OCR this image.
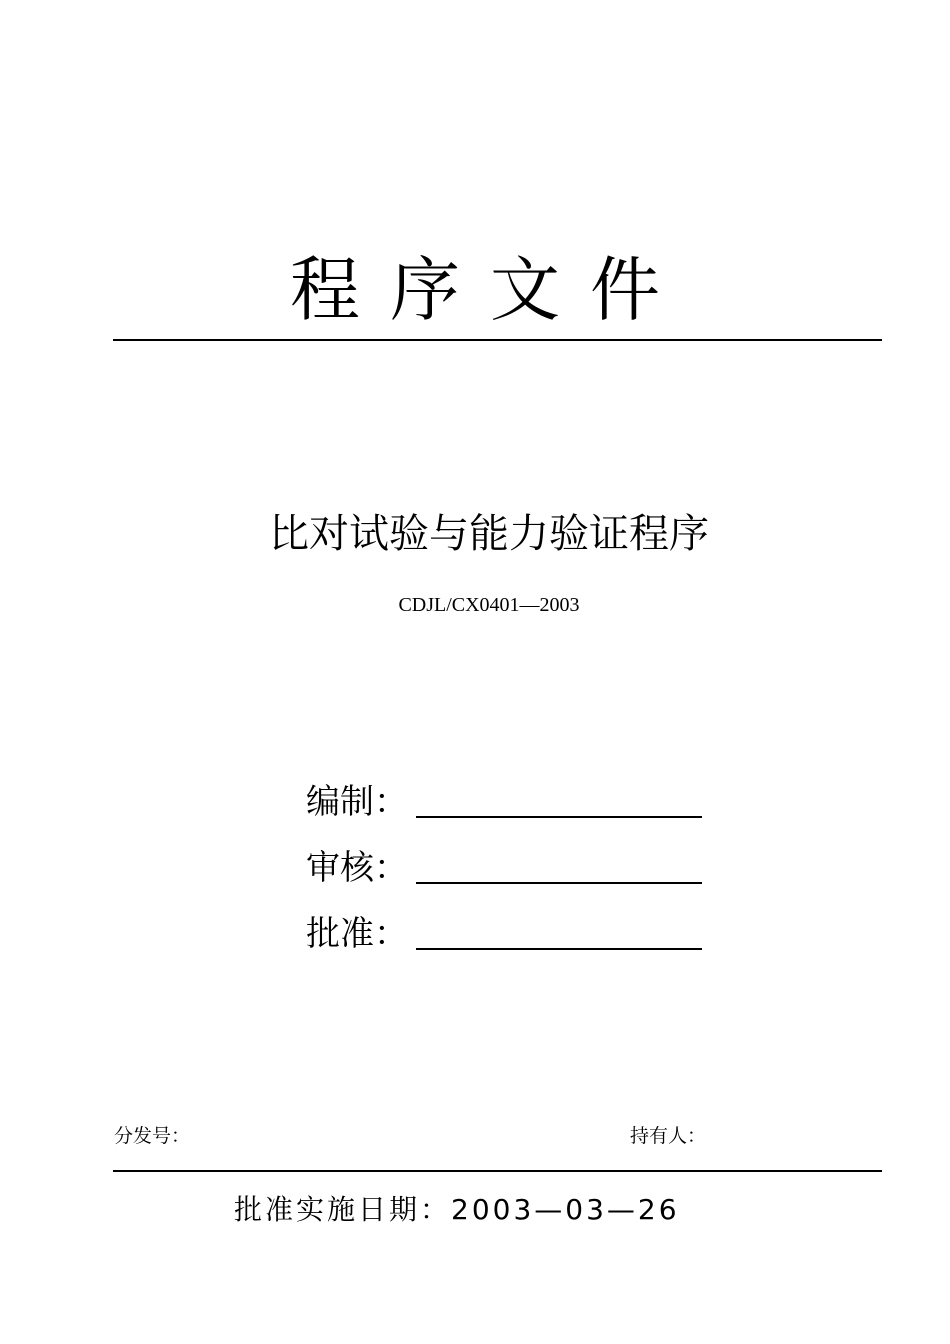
程序文件
比对试验与能力验证程序
CDJL/CX0401—2003
编制：
审核：
批准：
分发号：	持有人：
批准实施日期：2003—03—26
